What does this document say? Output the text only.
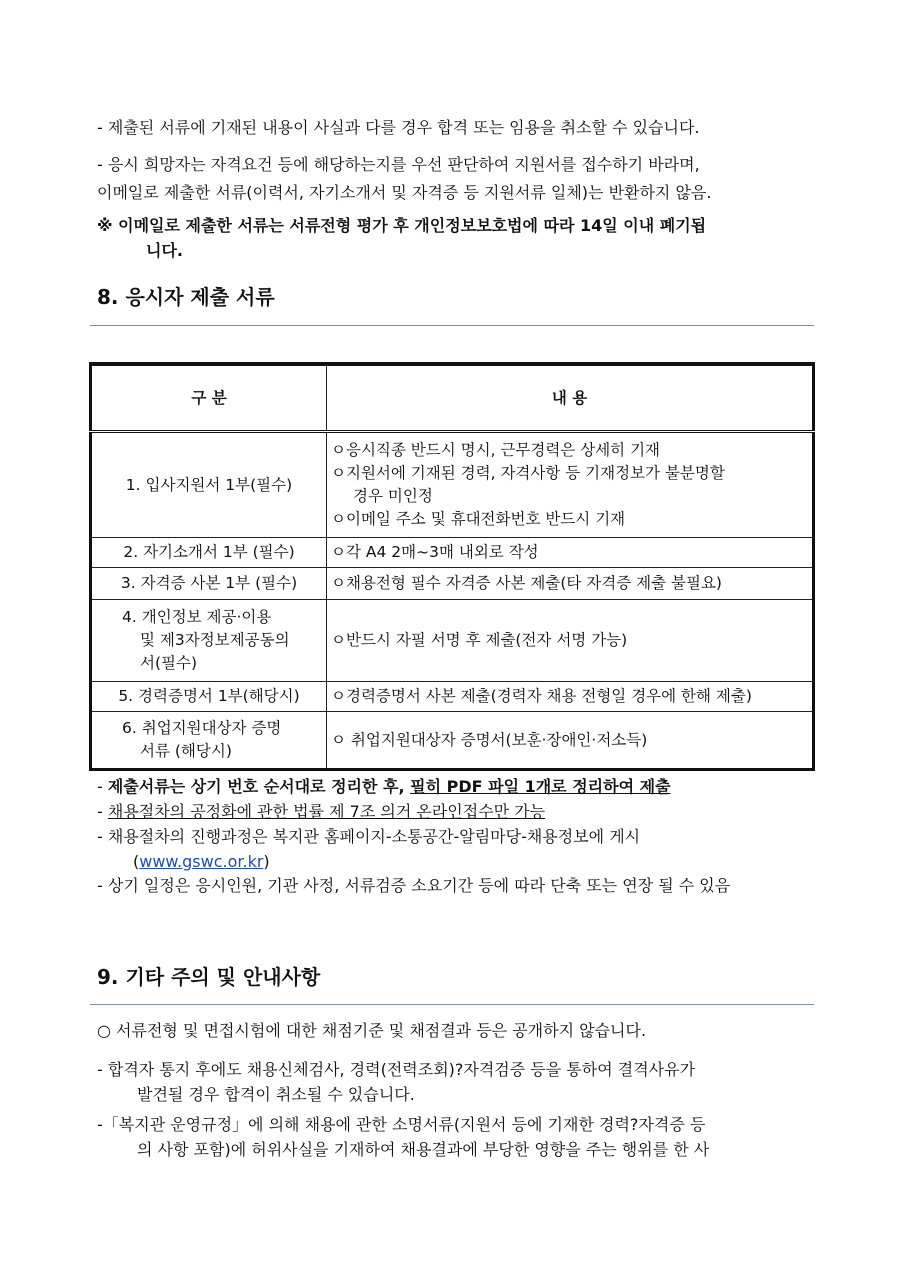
- 제출된 서류에 기재된 내용이 사실과 다를 경우 합격 또는 임용을 취소할 수 있습니다.
- 응시 희망자는 자격요건 등에 해당하는지를 우선 판단하여 지원서를 접수하기 바라며,
이메일로 제출한 서류(이력서, 자기소개서 및 자격증 등 지원서류 일체)는 반환하지 않음.
※ 이메일로 제출한 서류는 서류전형 평가 후 개인정보보호법에 따라 14일 이내 폐기됩
니다.
8. 응시자 제출 서류
구 분	내 용
1. 입사지원서 1부(필수)	ㅇ응시직종 반드시 명시, 근무경력은 상세히 기재
ㅇ지원서에 기재된 경력, 자격사항 등 기재정보가 불분명할
경우 미인정
ㅇ이메일 주소 및 휴대전화번호 반드시 기재

2. 자기소개서 1부 (필수)	ㅇ각 A4 2매~3매 내외로 작성

3. 자격증 사본 1부 (필수)	ㅇ채용전형 필수 자격증 사본 제출(타 자격증 제출 불필요)

4. 개인정보 제공·이용
및 제3자정보제공동의
서(필수)	ㅇ반드시 자필 서명 후 제출(전자 서명 가능)

5. 경력증명서 1부(해당시)	ㅇ경력증명서 사본 제출(경력자 채용 전형일 경우에 한해 제출)

6. 취업지원대상자 증명
서류 (해당시)	ㅇ 취업지원대상자 증명서(보훈·장애인·저소득)
- 제출서류는 상기 번호 순서대로 정리한 후, 필히 PDF 파일 1개로 정리하여 제출
- 채용절차의 공정화에 관한 법률 제 7조 의거 온라인접수만 가능
- 채용절차의 진행과정은 복지관 홈페이지-소통공간-알림마당-채용정보에 게시
(www.gswc.or.kr)
- 상기 일정은 응시인원, 기관 사정, 서류검증 소요기간 등에 따라 단축 또는 연장 될 수 있음
9. 기타 주의 및 안내사항
○ 서류전형 및 면접시험에 대한 채점기준 및 채점결과 등은 공개하지 않습니다.
- 합격자 통지 후에도 채용신체검사, 경력(전력조회)?자격검증 등을 통하여 결격사유가
발견될 경우 합격이 취소될 수 있습니다.
-「복지관 운영규정」에 의해 채용에 관한 소명서류(지원서 등에 기재한 경력?자격증 등
의 사항 포함)에 허위사실을 기재하여 채용결과에 부당한 영향을 주는 행위를 한 사
